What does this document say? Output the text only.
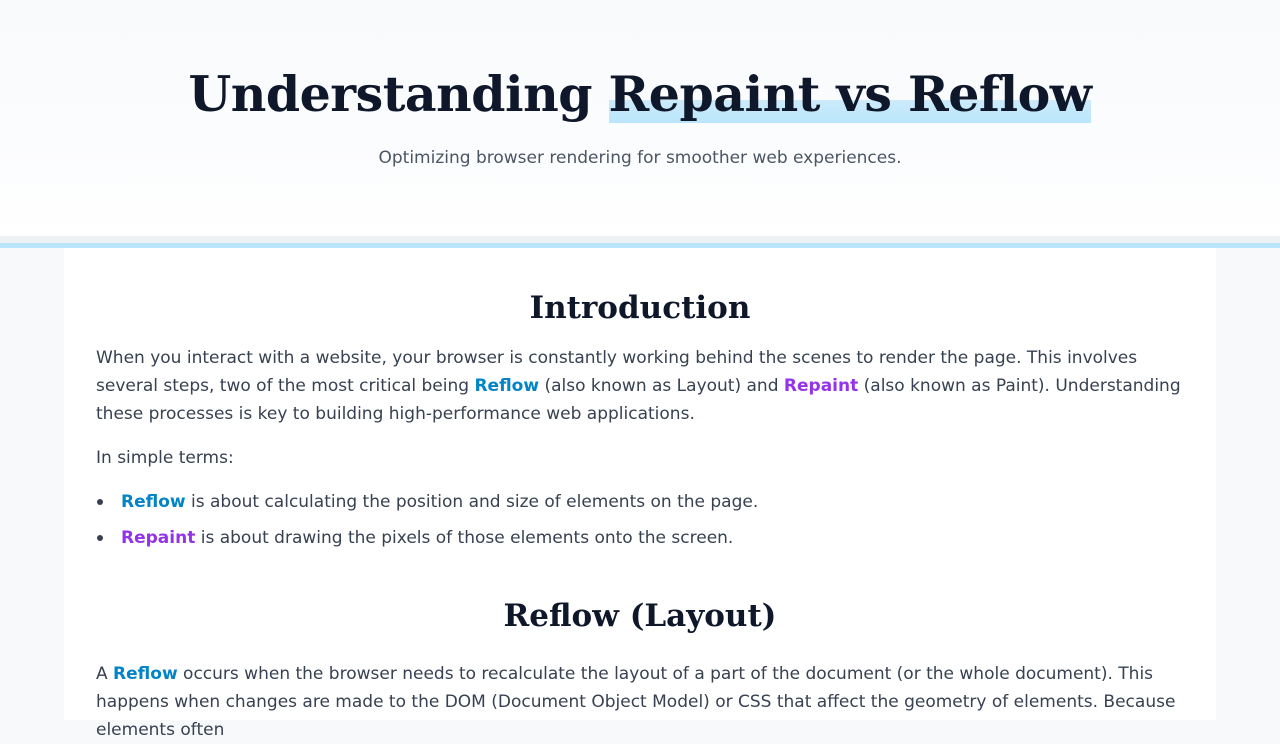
Understanding Repaint vs Reflow

Optimizing browser rendering for smoother web experiences.

Introduction

When you interact with a website, your browser is constantly working behind the scenes to render the page. This involves several steps, two of the most critical being Reflow (also known as Layout) and Repaint (also known as Paint). Understanding these processes is key to building high-performance web applications.

In simple terms:

Reflow is about calculating the position and size of elements on the page.
Repaint is about drawing the pixels of those elements onto the screen.
Reflow (Layout)

A Reflow occurs when the browser needs to recalculate the layout of a part of the document (or the whole document). This happens when changes are made to the DOM (Document Object Model) or CSS that affect the geometry of elements. Because elements often
